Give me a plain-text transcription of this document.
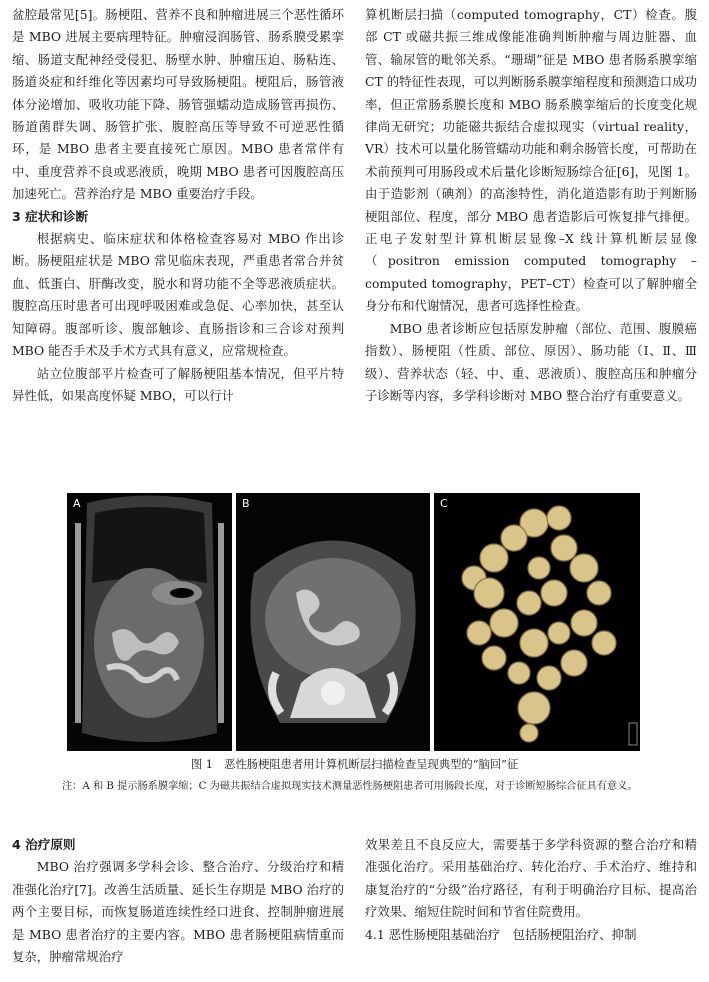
盆腔最常见[5]。肠梗阻、营养不良和肿瘤进展三个恶性循环是 MBO 进展主要病理特征。肿瘤浸润肠管、肠系膜受累挛缩、肠道支配神经受侵犯、肠壁水肿、肿瘤压迫、肠粘连、肠道炎症和纤维化等因素均可导致肠梗阻。梗阻后，肠管液体分泌增加、吸收功能下降、肠管强蠕动造成肠管再损伤、肠道菌群失调、肠管扩张、腹腔高压等导致不可逆恶性循环，是 MBO 患者主要直接死亡原因。MBO 患者常伴有中、重度营养不良或恶液质，晚期 MBO 患者可因腹腔高压加速死亡。营养治疗是 MBO 重要治疗手段。

3 症状和诊断

根据病史、临床症状和体格检查容易对 MBO 作出诊断。肠梗阻症状是 MBO 常见临床表现，严重患者常合并贫血、低蛋白、肝酶改变，脱水和肾功能不全等恶液质症状。腹腔高压时患者可出现呼吸困难或急促、心率加快，甚至认知障碍。腹部听诊、腹部触诊、直肠指诊和三合诊对预判 MBO 能否手术及手术方式具有意义，应常规检查。

站立位腹部平片检查可了解肠梗阻基本情况，但平片特异性低，如果高度怀疑 MBO，可以行计

算机断层扫描（computed tomography，CT）检查。腹部 CT 或磁共振三维成像能准确判断肿瘤与周边脏器、血管、输尿管的毗邻关系。“珊瑚”征是 MBO 患者肠系膜挛缩 CT 的特征性表现，可以判断肠系膜挛缩程度和预测造口成功率，但正常肠系膜长度和 MBO 肠系膜挛缩后的长度变化规律尚无研究；功能磁共振结合虚拟现实（virtual reality，VR）技术可以量化肠管蠕动功能和剩余肠管长度，可帮助在术前预判可用肠段或术后量化诊断短肠综合征[6]，见图 1。由于造影剂（碘剂）的高渗特性，消化道造影有助于判断肠梗阻部位、程度，部分 MBO 患者造影后可恢复排气排便。正电子发射型计算机断层显像–X 线计算机断层显像（positron emission computed tomography – computed tomography，PET–CT）检查可以了解肿瘤全身分布和代谢情况，患者可选择性检查。

MBO 患者诊断应包括原发肿瘤（部位、范围、腹膜癌指数）、肠梗阻（性质、部位、原因）、肠功能（Ⅰ、Ⅱ、Ⅲ级）、营养状态（轻、中、重、恶液质）、腹腔高压和肿瘤分子诊断等内容，多学科诊断对 MBO 整合治疗有重要意义。

A	B	C
图 1　恶性肠梗阻患者用计算机断层扫描检查呈现典型的“脑回”征
注：A 和 B 提示肠系膜挛缩；C 为磁共振结合虚拟现实技术测量恶性肠梗阻患者可用肠段长度，对于诊断短肠综合征具有意义。

4 治疗原则

MBO 治疗强调多学科会诊、整合治疗、分级治疗和精准强化治疗[7]。改善生活质量、延长生存期是 MBO 治疗的两个主要目标，而恢复肠道连续性经口进食、控制肿瘤进展是 MBO 患者治疗的主要内容。MBO 患者肠梗阻病情重而复杂，肿瘤常规治疗

效果差且不良反应大，需要基于多学科资源的整合治疗和精准强化治疗。采用基础治疗、转化治疗、手术治疗、维持和康复治疗的“分级”治疗路径，有利于明确治疗目标、提高治疗效果、缩短住院时间和节省住院费用。

4.1 恶性肠梗阻基础治疗　包括肠梗阻治疗、抑制
